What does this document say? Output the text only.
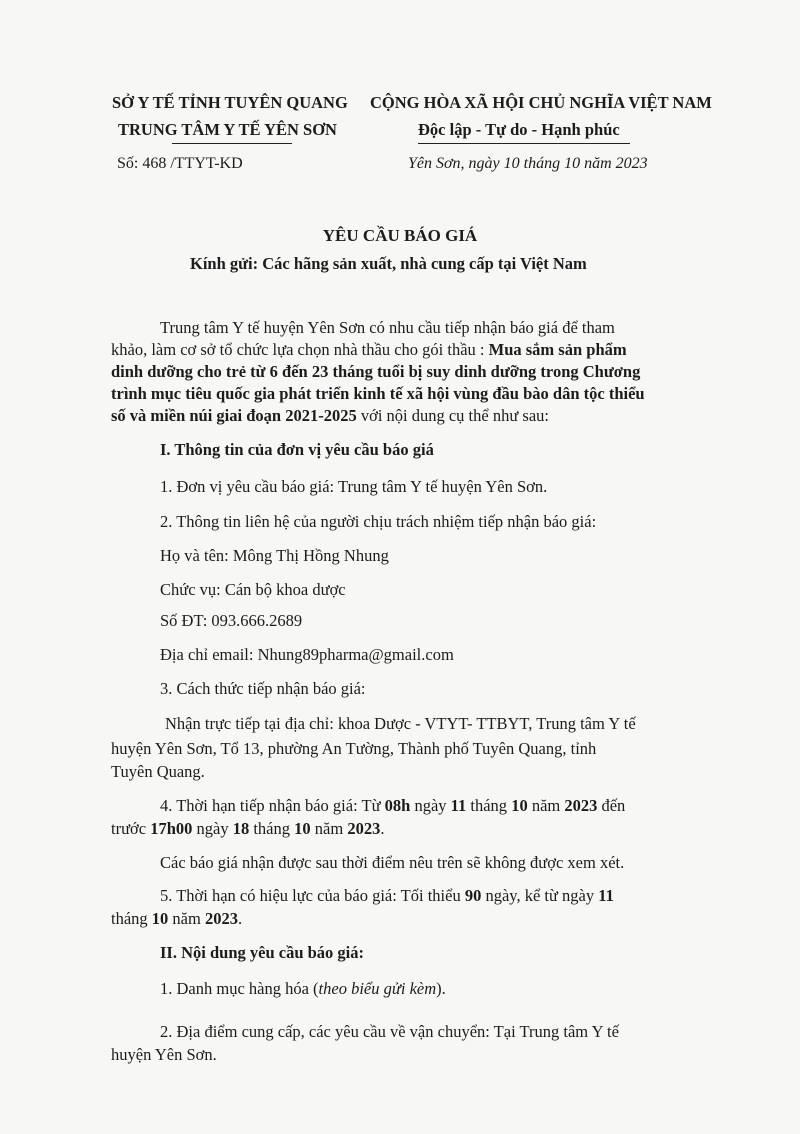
SỞ Y TẾ TỈNH TUYÊN QUANG
TRUNG TÂM Y TẾ YÊN SƠN
CỘNG HÒA XÃ HỘI CHỦ NGHĨA VIỆT NAM
Độc lập - Tự do - Hạnh phúc
Số: 468 /TTYT-KD	Yên Sơn, ngày 10 tháng 10 năm 2023
YÊU CẦU BÁO GIÁ
Kính gửi: Các hãng sản xuất, nhà cung cấp tại Việt Nam
Trung tâm Y tế huyện Yên Sơn có nhu cầu tiếp nhận báo giá để tham
khảo, làm cơ sở tổ chức lựa chọn nhà thầu cho gói thầu : Mua sắm sản phẩm
dinh dưỡng cho trẻ từ 6 đến 23 tháng tuổi bị suy dinh dưỡng trong Chương
trình mục tiêu quốc gia phát triển kinh tế xã hội vùng đầu bào dân tộc thiểu
số và miền núi giai đoạn 2021-2025 với nội dung cụ thể như sau:
I. Thông tin của đơn vị yêu cầu báo giá
1. Đơn vị yêu cầu báo giá: Trung tâm Y tế huyện Yên Sơn.
2. Thông tin liên hệ của người chịu trách nhiệm tiếp nhận báo giá:
Họ và tên: Mông Thị Hồng Nhung
Chức vụ: Cán bộ khoa dược
Số ĐT: 093.666.2689
Địa chỉ email: Nhung89pharma@gmail.com
3. Cách thức tiếp nhận báo giá:
Nhận trực tiếp tại địa chỉ: khoa Dược - VTYT- TTBYT, Trung tâm Y tế
huyện Yên Sơn, Tổ 13, phường An Tường, Thành phố Tuyên Quang, tỉnh
Tuyên Quang.
4. Thời hạn tiếp nhận báo giá: Từ 08h ngày 11 tháng 10 năm 2023 đến
trước 17h00 ngày 18 tháng 10 năm 2023.
Các báo giá nhận được sau thời điểm nêu trên sẽ không được xem xét.
5. Thời hạn có hiệu lực của báo giá: Tối thiểu 90 ngày, kể từ ngày 11
tháng 10 năm 2023.
II. Nội dung yêu cầu báo giá:
1. Danh mục hàng hóa (theo biểu gửi kèm).
2. Địa điểm cung cấp, các yêu cầu về vận chuyển: Tại Trung tâm Y tế
huyện Yên Sơn.
